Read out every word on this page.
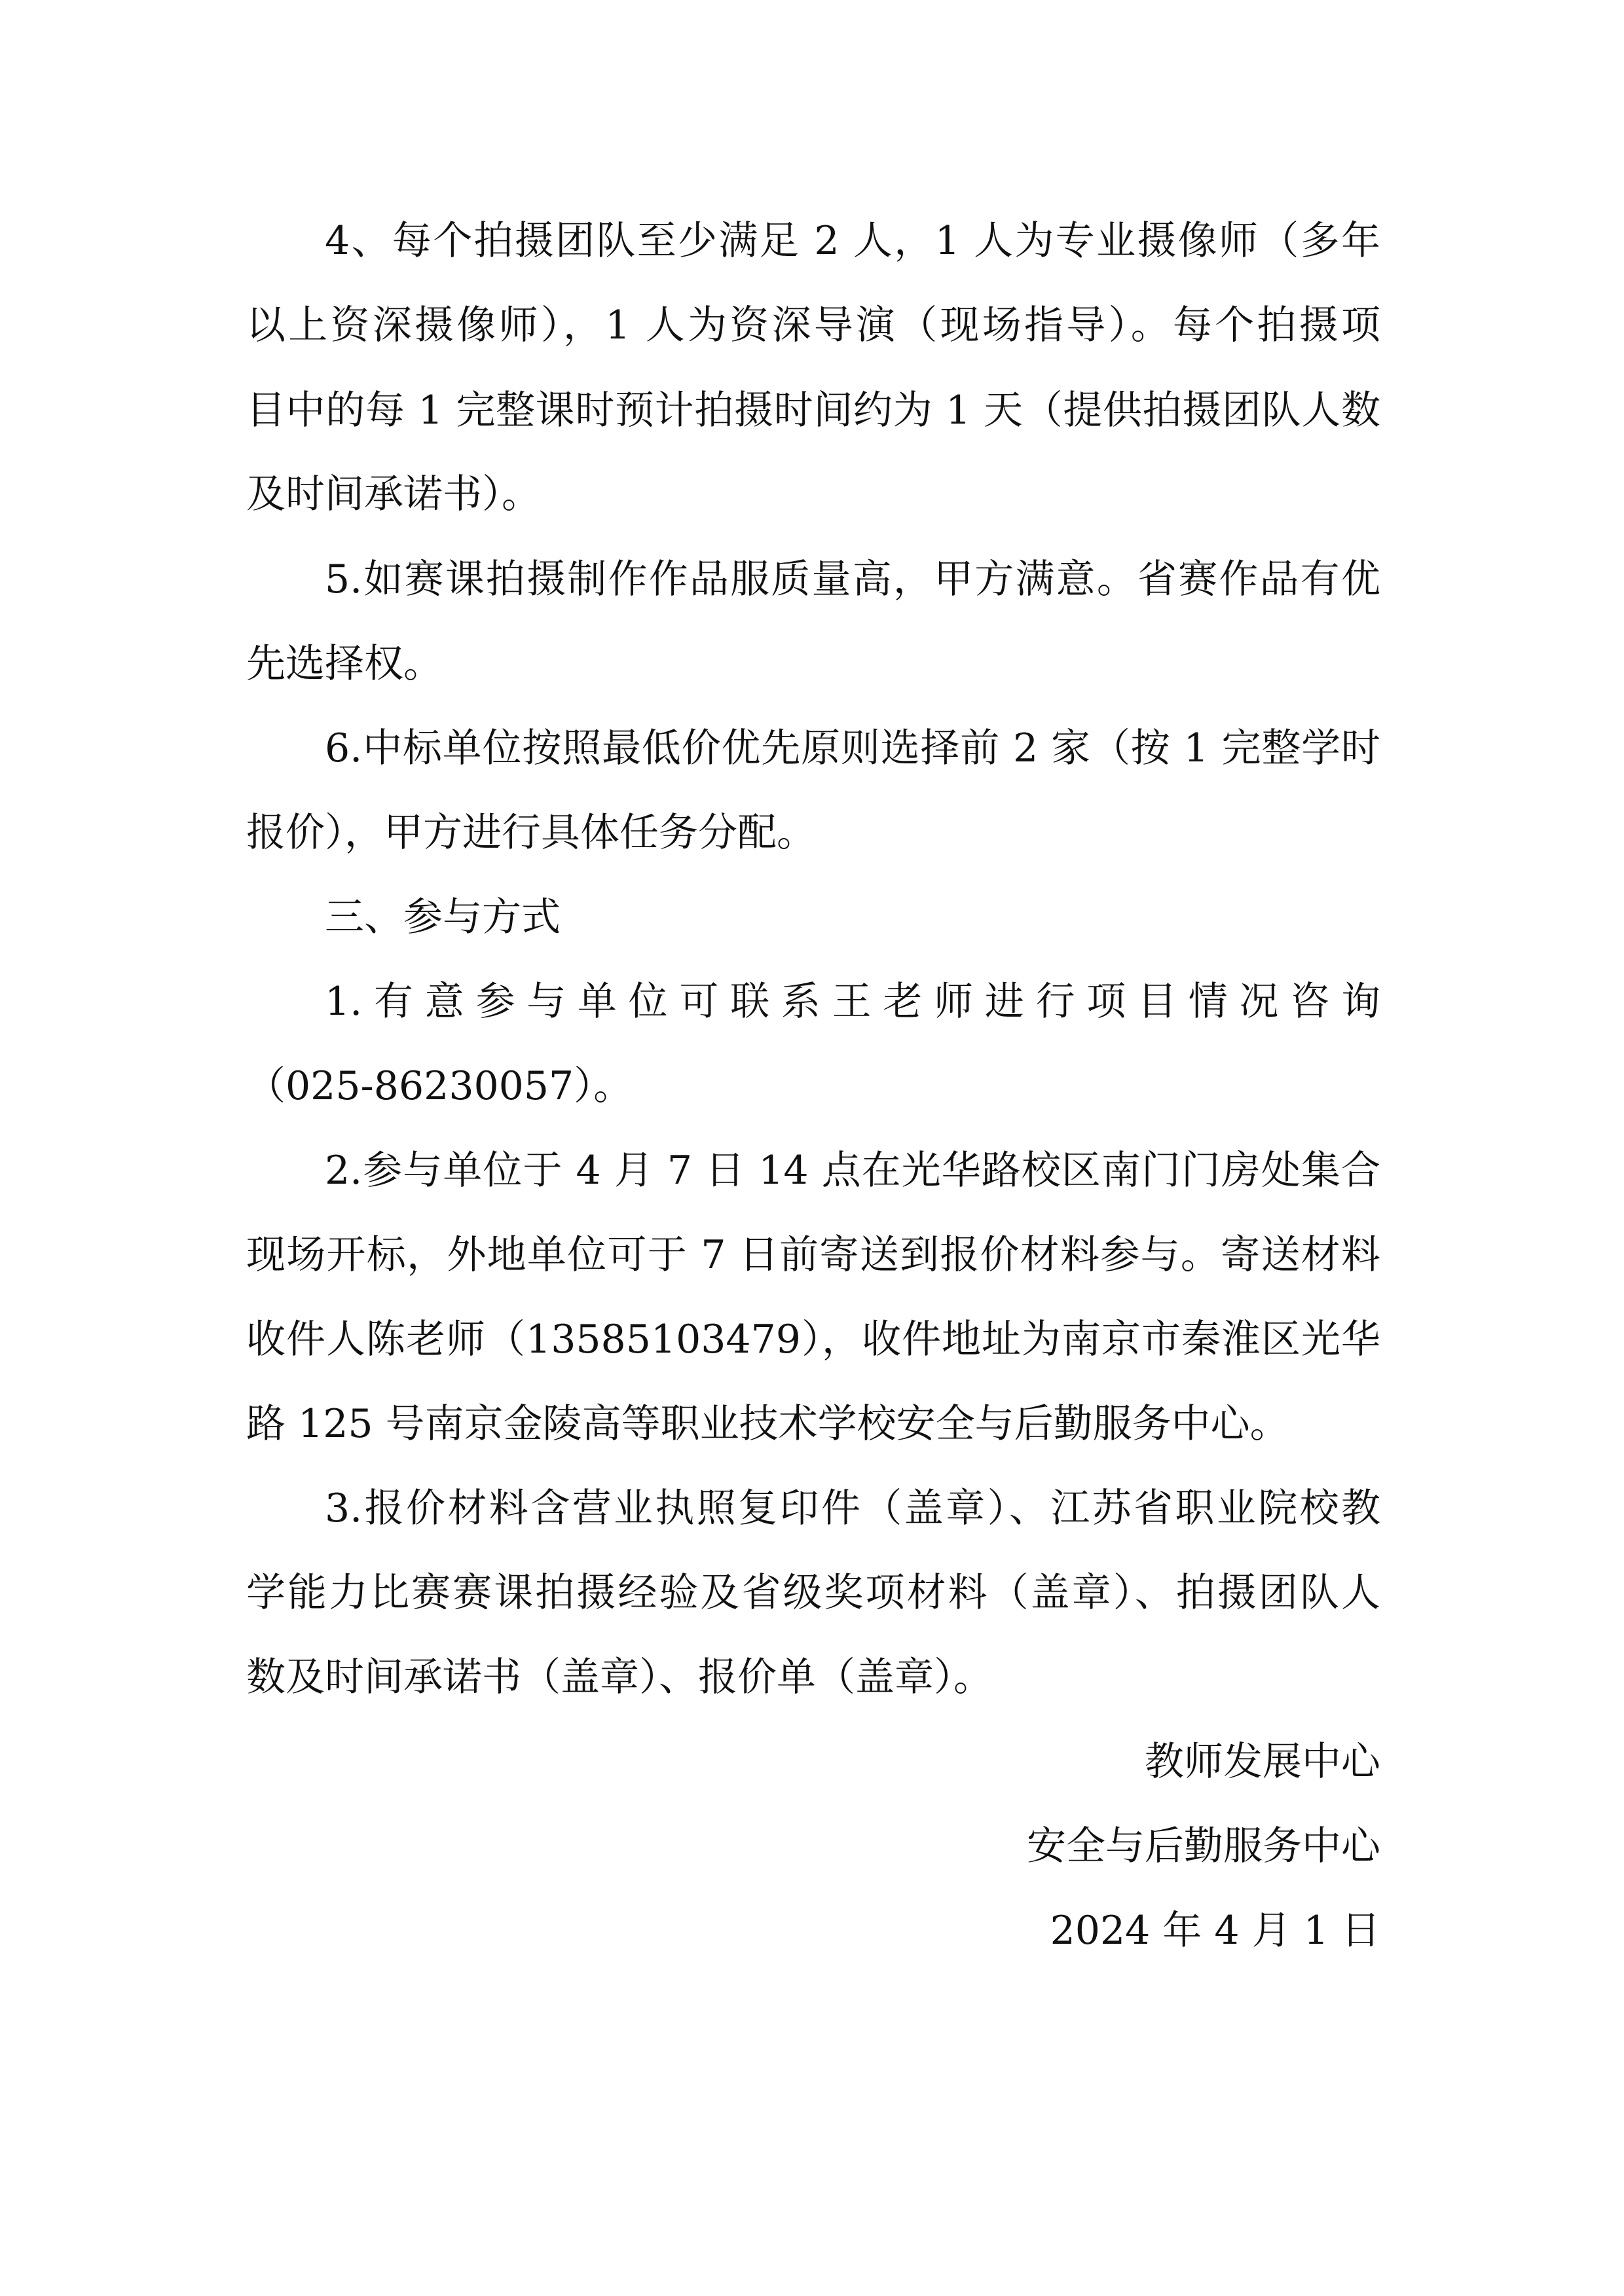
4、每个拍摄团队至少满足 2 人，1 人为专业摄像师（多年
以上资深摄像师），1 人为资深导演（现场指导）。每个拍摄项
目中的每 1 完整课时预计拍摄时间约为 1 天（提供拍摄团队人数
及时间承诺书）。
5.如赛课拍摄制作作品服质量高，甲方满意。省赛作品有优
先选择权。
6.中标单位按照最低价优先原则选择前 2 家（按 1 完整学时
报价），甲方进行具体任务分配。
三、参与方式
1.有意参与单位可联系王老师进行项目情况咨询
（025-86230057）。
2.参与单位于 4 月 7 日 14 点在光华路校区南门门房处集合
现场开标，外地单位可于 7 日前寄送到报价材料参与。寄送材料
收件人陈老师（13585103479），收件地址为南京市秦淮区光华
路 125 号南京金陵高等职业技术学校安全与后勤服务中心。
3.报价材料含营业执照复印件（盖章）、江苏省职业院校教
学能力比赛赛课拍摄经验及省级奖项材料（盖章）、拍摄团队人
数及时间承诺书（盖章）、报价单（盖章）。
教师发展中心
安全与后勤服务中心
2024 年 4 月 1 日
